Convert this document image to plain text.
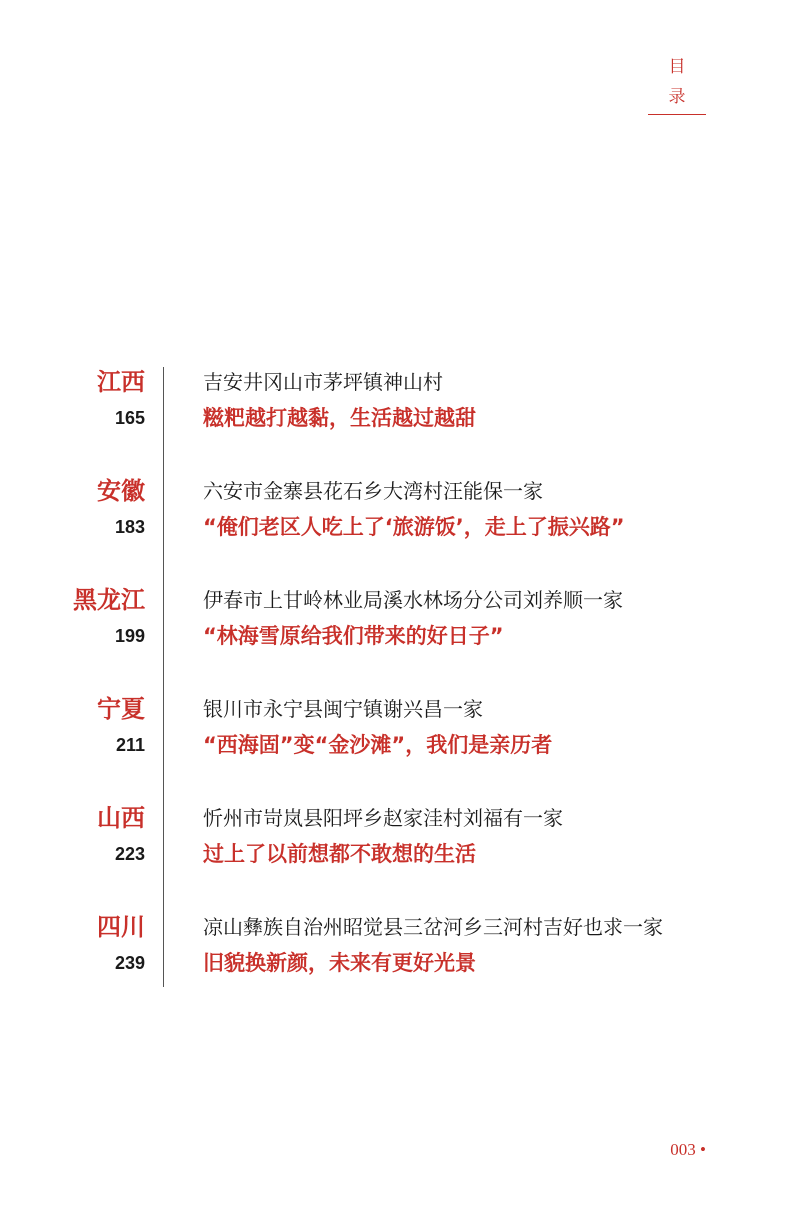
目 录
江西
165
吉安井冈山市茅坪镇神山村
糍粑越打越黏，生活越过越甜
安徽
183
六安市金寨县花石乡大湾村汪能保一家
“俺们老区人吃上了‘旅游饭’，走上了振兴路”
黑龙江
199
伊春市上甘岭林业局溪水林场分公司刘养顺一家
“林海雪原给我们带来的好日子”
宁夏
211
银川市永宁县闽宁镇谢兴昌一家
“西海固”变“金沙滩”，我们是亲历者
山西
223
忻州市岢岚县阳坪乡赵家洼村刘福有一家
过上了以前想都不敢想的生活
四川
239
凉山彝族自治州昭觉县三岔河乡三河村吉好也求一家
旧貌换新颜，未来有更好光景
003 •
